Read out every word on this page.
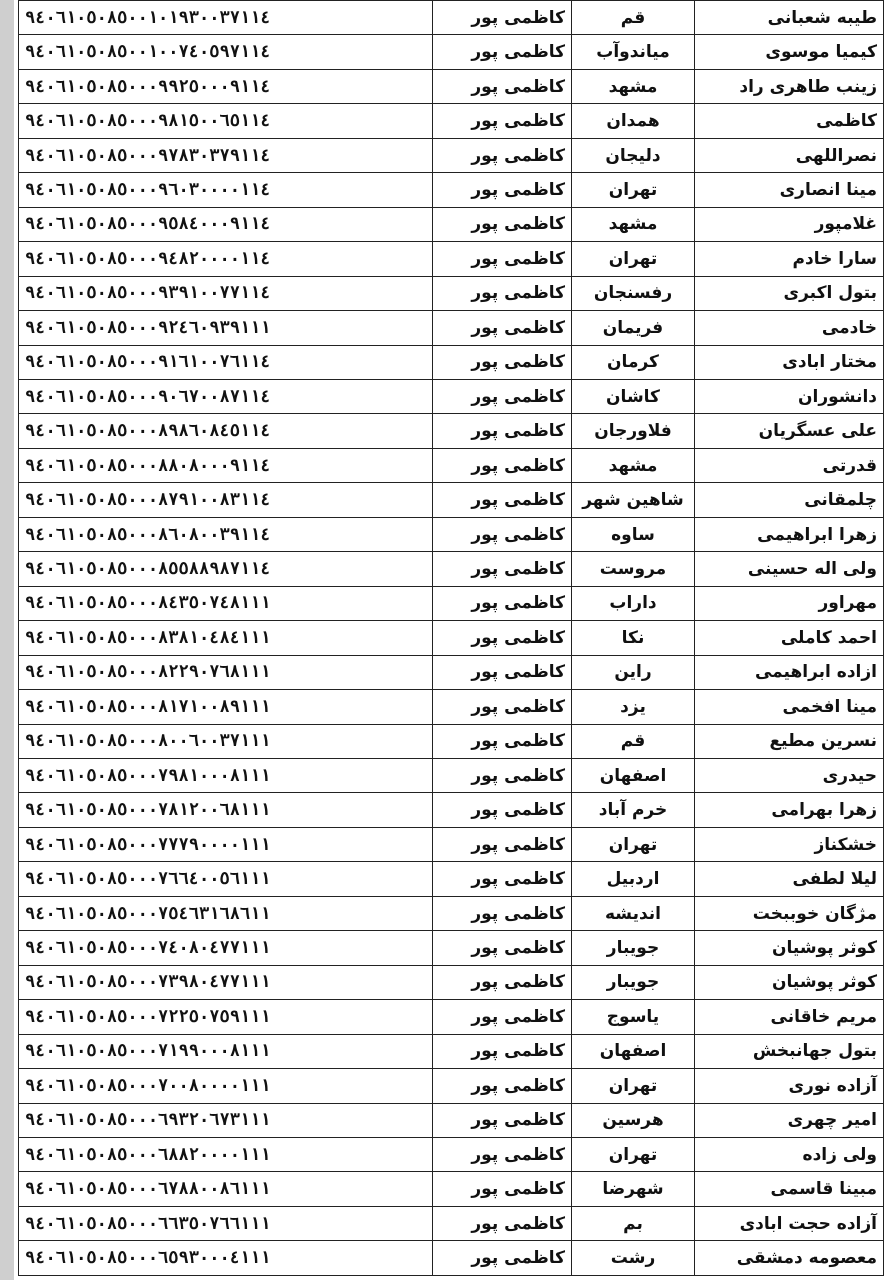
طیبه شعبانی	قم	کاظمی پور	۹٤۰٦۱۰٥۰۸٥۰۰۱۰۱۹۳۰۰۳۷۱۱٤
کیمیا موسوی	میاندوآب	کاظمی پور	۹٤۰٦۱۰٥۰۸٥۰۰۱۰۰۷٤۰٥۹۷۱۱٤
زینب طاهری راد	مشهد	کاظمی پور	۹٤۰٦۱۰٥۰۸٥۰۰۰۹۹۲٥۰۰۰۹۱۱٤
کاظمی	همدان	کاظمی پور	۹٤۰٦۱۰٥۰۸٥۰۰۰۹۸۱٥۰۰٦٥۱۱٤
نصراللهی	دلیجان	کاظمی پور	۹٤۰٦۱۰٥۰۸٥۰۰۰۹۷۸۳۰۳۷۹۱۱٤
مینا انصاری	تهران	کاظمی پور	۹٤۰٦۱۰٥۰۸٥۰۰۰۹٦۰۳۰۰۰۰۱۱٤
غلامپور	مشهد	کاظمی پور	۹٤۰٦۱۰٥۰۸٥۰۰۰۹٥۸٤۰۰۰۹۱۱٤
سارا خادم	تهران	کاظمی پور	۹٤۰٦۱۰٥۰۸٥۰۰۰۹٤۸۲۰۰۰۰۱۱٤
بتول اکبری	رفسنجان	کاظمی پور	۹٤۰٦۱۰٥۰۸٥۰۰۰۹۳۹۱۰۰۷۷۱۱٤
خادمی	فریمان	کاظمی پور	۹٤۰٦۱۰٥۰۸٥۰۰۰۹۲٤٦۰۹۳۹۱۱۱
مختار ابادی	کرمان	کاظمی پور	۹٤۰٦۱۰٥۰۸٥۰۰۰۹۱٦۱۰۰۷٦۱۱٤
دانشوران	کاشان	کاظمی پور	۹٤۰٦۱۰٥۰۸٥۰۰۰۹۰٦۷۰۰۸۷۱۱٤
علی عسگریان	فلاورجان	کاظمی پور	۹٤۰٦۱۰٥۰۸٥۰۰۰۸۹۸٦۰۸٤٥۱۱٤
قدرتی	مشهد	کاظمی پور	۹٤۰٦۱۰٥۰۸٥۰۰۰۸۸۰۸۰۰۰۹۱۱٤
چلمقانی	شاهین شهر	کاظمی پور	۹٤۰٦۱۰٥۰۸٥۰۰۰۸۷۹۱۰۰۸۳۱۱٤
زهرا ابراهیمی	ساوه	کاظمی پور	۹٤۰٦۱۰٥۰۸٥۰۰۰۸٦۰۸۰۰۳۹۱۱٤
ولی اله حسینی	مروست	کاظمی پور	۹٤۰٦۱۰٥۰۸٥۰۰۰۸٥٥۸۸۹۸۷۱۱٤
مهراور	داراب	کاظمی پور	۹٤۰٦۱۰٥۰۸٥۰۰۰۸٤۳٥۰۷٤۸۱۱۱
احمد کاملی	نکا	کاظمی پور	۹٤۰٦۱۰٥۰۸٥۰۰۰۸۳۸۱۰٤۸٤۱۱۱
ازاده ابراهیمی	راین	کاظمی پور	۹٤۰٦۱۰٥۰۸٥۰۰۰۸۲۲۹۰۷٦۸۱۱۱
مینا افخمی	یزد	کاظمی پور	۹٤۰٦۱۰٥۰۸٥۰۰۰۸۱۷۱۰۰۸۹۱۱۱
نسرین مطیع	قم	کاظمی پور	۹٤۰٦۱۰٥۰۸٥۰۰۰۸۰۰٦۰۰۳۷۱۱۱
حیدری	اصفهان	کاظمی پور	۹٤۰٦۱۰٥۰۸٥۰۰۰۷۹۸۱۰۰۰۸۱۱۱
زهرا بهرامی	خرم آباد	کاظمی پور	۹٤۰٦۱۰٥۰۸٥۰۰۰۷۸۱۲۰۰٦۸۱۱۱
خشکناز	تهران	کاظمی پور	۹٤۰٦۱۰٥۰۸٥۰۰۰۷۷۷۹۰۰۰۰۱۱۱
لیلا لطفی	اردبیل	کاظمی پور	۹٤۰٦۱۰٥۰۸٥۰۰۰۷٦٦٤۰۰٥٦۱۱۱
مژگان خوببخت	اندیشه	کاظمی پور	۹٤۰٦۱۰٥۰۸٥۰۰۰۷٥٤٦۳۱٦۸٦۱۱
کوثر پوشیان	جویبار	کاظمی پور	۹٤۰٦۱۰٥۰۸٥۰۰۰۷٤۰۸۰٤۷۷۱۱۱
کوثر پوشیان	جویبار	کاظمی پور	۹٤۰٦۱۰٥۰۸٥۰۰۰۷۳۹۸۰٤۷۷۱۱۱
مریم خاقانی	یاسوج	کاظمی پور	۹٤۰٦۱۰٥۰۸٥۰۰۰۷۲۲٥۰۷٥۹۱۱۱
بتول جهانبخش	اصفهان	کاظمی پور	۹٤۰٦۱۰٥۰۸٥۰۰۰۷۱۹۹۰۰۰۸۱۱۱
آزاده نوری	تهران	کاظمی پور	۹٤۰٦۱۰٥۰۸٥۰۰۰۷۰۰۸۰۰۰۰۱۱۱
امیر چهری	هرسین	کاظمی پور	۹٤۰٦۱۰٥۰۸٥۰۰۰٦۹۳۲۰٦۷۳۱۱۱
ولی زاده	تهران	کاظمی پور	۹٤۰٦۱۰٥۰۸٥۰۰۰٦۸۸۲۰۰۰۰۱۱۱
مبینا قاسمی	شهرضا	کاظمی پور	۹٤۰٦۱۰٥۰۸٥۰۰۰٦۷۸۸۰۰۸٦۱۱۱
آزاده حجت ابادی	بم	کاظمی پور	۹٤۰٦۱۰٥۰۸٥۰۰۰٦٦۳٥۰۷٦٦۱۱۱
معصومه دمشقی	رشت	کاظمی پور	۹٤۰٦۱۰٥۰۸٥۰۰۰٦٥۹۳۰۰۰٤۱۱۱
